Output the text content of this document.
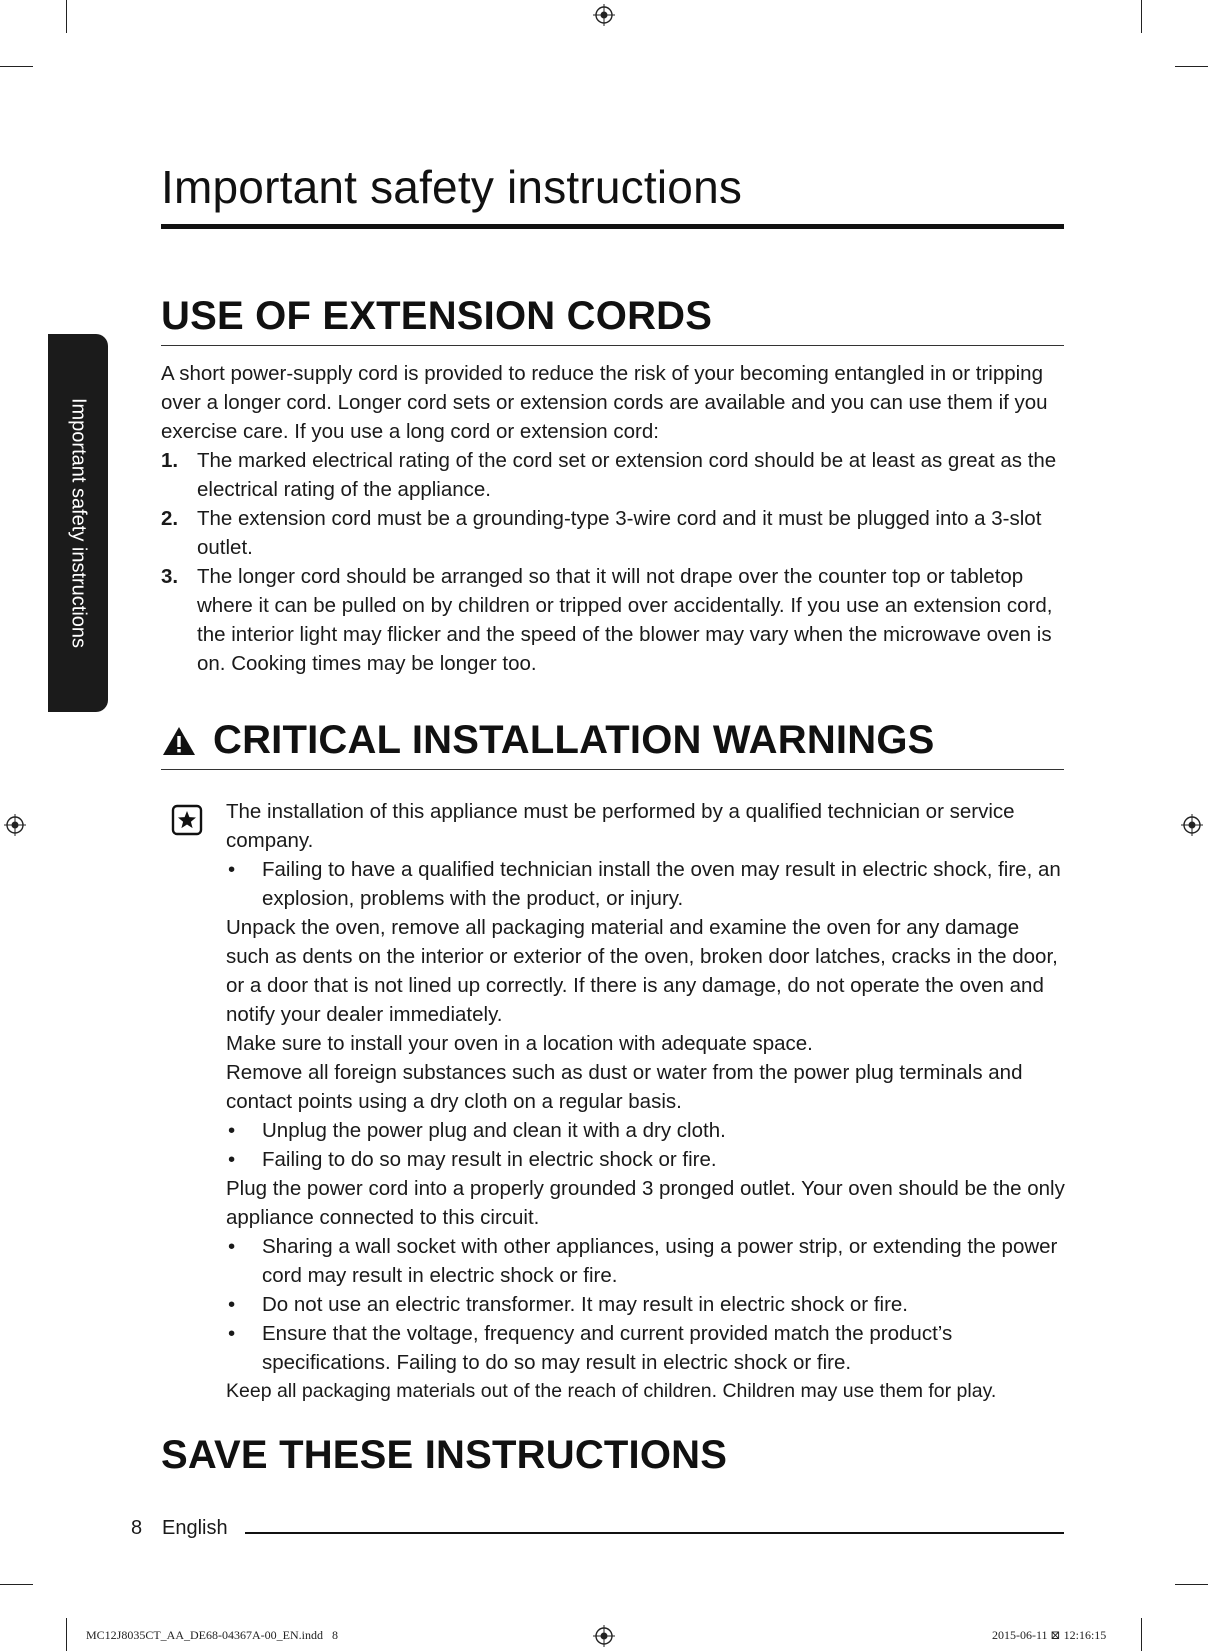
Important safety instructions
Important safety instructions
USE OF EXTENSION CORDS

A short power-supply cord is provided to reduce the risk of your becoming entangled in or tripping over a longer cord. Longer cord sets or extension cords are available and you can use them if you exercise care. If you use a long cord or extension cord:

1. The marked electrical rating of the cord set or extension cord should be at least as great as the electrical rating of the appliance.
2. The extension cord must be a grounding-type 3-wire cord and it must be plugged into a 3-slot outlet.
3. The longer cord should be arranged so that it will not drape over the counter top or tabletop where it can be pulled on by children or tripped over accidentally. If you use an extension cord, the interior light may flicker and the speed of the blower may vary when the microwave oven is on. Cooking times may be longer too.
CRITICAL INSTALLATION WARNINGS

The installation of this appliance must be performed by a qualified technician or service company.

• Failing to have a qualified technician install the oven may result in electric shock, fire, an explosion, problems with the product, or injury.

Unpack the oven, remove all packaging material and examine the oven for any damage such as dents on the interior or exterior of the oven, broken door latches, cracks in the door, or a door that is not lined up correctly. If there is any damage, do not operate the oven and notify your dealer immediately.

Make sure to install your oven in a location with adequate space.

Remove all foreign substances such as dust or water from the power plug terminals and contact points using a dry cloth on a regular basis.

• Unplug the power plug and clean it with a dry cloth.
• Failing to do so may result in electric shock or fire.

Plug the power cord into a properly grounded 3 pronged outlet. Your oven should be the only appliance connected to this circuit.

• Sharing a wall socket with other appliances, using a power strip, or extending the power cord may result in electric shock or fire.
• Do not use an electric transformer. It may result in electric shock or fire.
• Ensure that the voltage, frequency and current provided match the product’s specifications. Failing to do so may result in electric shock or fire.

Keep all packaging materials out of the reach of children. Children may use them for play.

SAVE THESE INSTRUCTIONS
8 English
MC12J8035CT_AA_DE68-04367A-00_EN.indd   8	2015-06-11 ⊠ 12:16:15
